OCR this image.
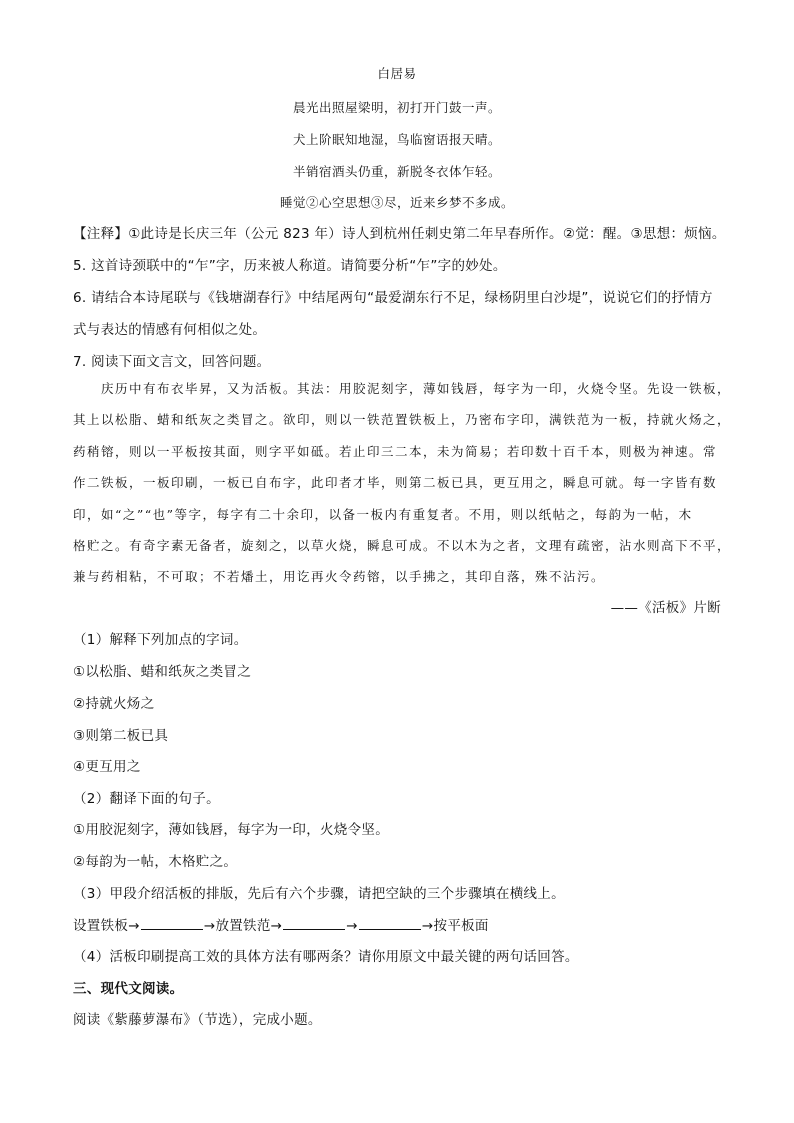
白居易
晨光出照屋梁明，初打开门鼓一声。
犬上阶眠知地湿，鸟临窗语报天晴。
半销宿酒头仍重，新脱冬衣体乍轻。
睡觉②心空思想③尽，近来乡梦不多成。
【注释】①此诗是长庆三年（公元 823 年）诗人到杭州任刺史第二年早春所作。②觉：醒。③思想：烦恼。
5. 这首诗颈联中的“乍”字，历来被人称道。请简要分析“乍”字的妙处。
6. 请结合本诗尾联与《钱塘湖春行》中结尾两句“最爱湖东行不足，绿杨阴里白沙堤”，说说它们的抒情方
式与表达的情感有何相似之处。
7. 阅读下面文言文，回答问题。
庆历中有布衣毕昇，又为活板。其法：用胶泥刻字，薄如钱唇，每字为一印，火烧令坚。先设一铁板，
其上以松脂、蜡和纸灰之类冒之。欲印，则以一铁范置铁板上，乃密布字印，满铁范为一板，持就火炀之，
药稍镕，则以一平板按其面，则字平如砥。若止印三二本，未为简易；若印数十百千本，则极为神速。常
作二铁板，一板印刷，一板已自布字，此印者才毕，则第二板已具，更互用之，瞬息可就。每一字皆有数
印，如“之”“也”等字，每字有二十余印，以备一板内有重复者。不用，则以纸帖之，每韵为一帖，木
格贮之。有奇字素无备者，旋刻之，以草火烧，瞬息可成。不以木为之者，文理有疏密，沾水则高下不平，
兼与药相粘，不可取；不若燔土，用讫再火令药镕，以手拂之，其印自落，殊不沾污。
——《活板》片断
（1）解释下列加点的字词。
①以松脂、蜡和纸灰之类冒之
②持就火炀之
③则第二板已具
④更互用之
（2）翻译下面的句子。
①用胶泥刻字，薄如钱唇，每字为一印，火烧令坚。
②每韵为一帖，木格贮之。
（3）甲段介绍活板的排版，先后有六个步骤，请把空缺的三个步骤填在横线上。
设置铁板→	→放置铁范→	→	→按平板面
（4）活板印刷提高工效的具体方法有哪两条？请你用原文中最关键的两句话回答。
三、现代文阅读。
阅读《紫藤萝瀑布》（节选），完成小题。
